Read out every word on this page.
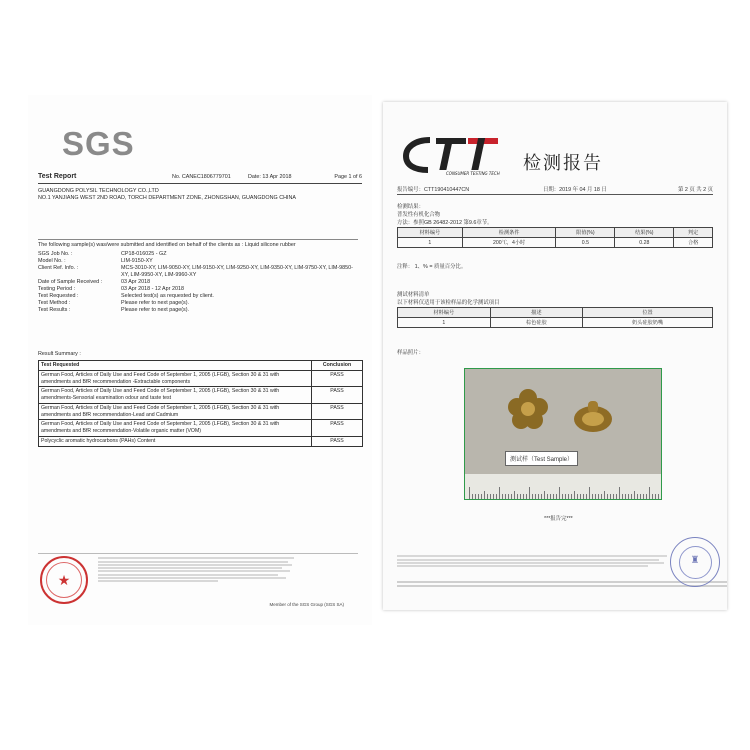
SGS
Test Report	No. CANEC1806779701	Date: 13 Apr 2018	Page 1 of 6
GUANGDONG POLYSIL TECHNOLOGY CO.,LTD
NO.1 YANJIANG WEST 2ND ROAD, TORCH DEPARTMENT ZONE, ZHONGSHAN, GUANGDONG CHINA
The following sample(s) was/were submitted and identified on behalf of the clients as : Liquid silicone rubber
SGS Job No. :	CP18-016025 - GZ
Model No. :	LIM-9150-XY
Client Ref. Info. :	MCS-3010-XY, LIM-9050-XY, LIM-9150-XY, LIM-9250-XY, LIM-9350-XY, LIM-9750-XY, LIM-9850-XY, LIM-9950-XY, LIM-9960-XY
Date of Sample Received :	03 Apr 2018
Testing Period :	03 Apr 2018 - 12 Apr 2018
Test Requested :	Selected test(s) as requested by client.
Test Method :	Please refer to next page(s).
Test Results :	Please refer to next page(s).
Result Summary :
Test Requested	Conclusion
German Food, Articles of Daily Use and Feed Code of September 1, 2005 (LFGB), Section 30 & 31 with amendments and BfR recommendation -Extractable components	PASS
German Food, Articles of Daily Use and Feed Code of September 1, 2005 (LFGB), Section 30 & 31 with amendments-Sensorial examination odour and taste test	PASS
German Food, Articles of Daily Use and Feed Code of September 1, 2005 (LFGB), Section 30 & 31 with amendments and BfR recommendation-Lead and Cadmium	PASS
German Food, Articles of Daily Use and Feed Code of September 1, 2005 (LFGB), Section 30 & 31 with amendments and BfR recommendation-Volatile organic matter (VOM)	PASS
Polycyclic aromatic hydrocarbons (PAHs) Content	PASS
★
Member of the SGS Group (SGS SA)
CONSUMER TESTING TECH 检测报告
报告编号：CTT190410447CN	日期：2019 年 04 月 18 日	第 2 页 共 2 页
检测结果：
普发性有机化合物
方法：参照GB 26482-2012 第9.6章节。
材料编号	检测条件	限值(%)	结果(%)	判定
1	200℃，4小时	0.5	0.28	合格
注释： 1、% = 质量百分比。
测试材料清单
以下材料仅适用于该检样品的化学测试项目
材料编号	描述	位置
1	棕色硅胶	奶头硅胶奶嘴
样品照片：
测试样（Test Sample）
***报告完***
♜
